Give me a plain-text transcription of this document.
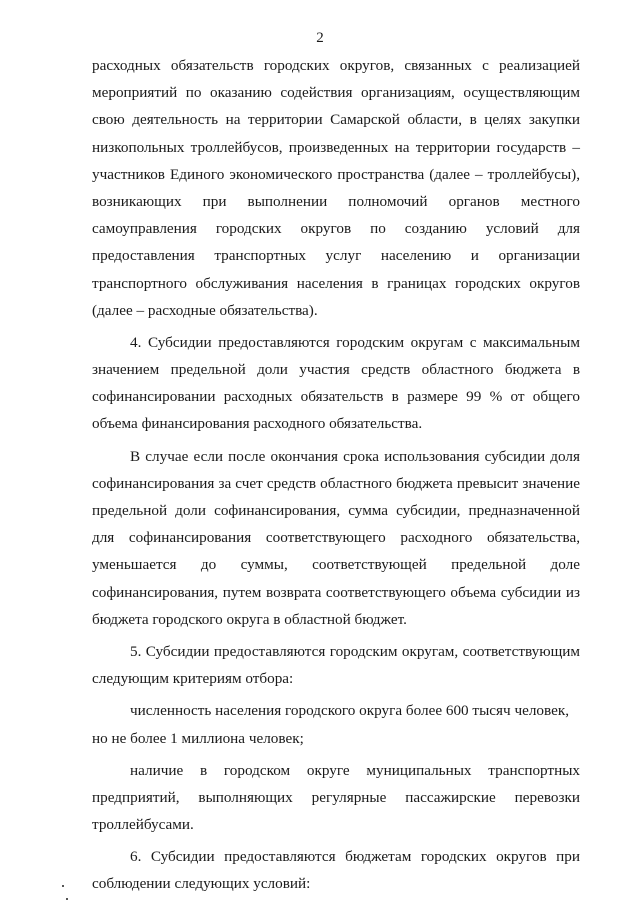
2
расходных обязательств городских округов, связанных с реализацией
мероприятий по оказанию содействия организациям, осуществляющим
свою деятельность на территории Самарской области, в целях закупки
низкопольных троллейбусов, произведенных на территории государств –
участников Единого экономического пространства (далее – троллейбусы),
возникающих при выполнении полномочий органов местного
самоуправления городских округов по созданию условий для
предоставления транспортных услуг населению и организации
транспортного обслуживания населения в границах городских округов
(далее – расходные обязательства).
4. Субсидии предоставляются городским округам с максимальным
значением предельной доли участия средств областного бюджета в
софинансировании расходных обязательств в размере 99 % от общего
объема финансирования расходного обязательства.
В случае если после окончания срока использования субсидии доля
софинансирования за счет средств областного бюджета превысит значение
предельной доли софинансирования, сумма субсидии, предназначенной
для софинансирования соответствующего расходного обязательства,
уменьшается до суммы, соответствующей предельной доле
софинансирования, путем возврата соответствующего объема субсидии из
бюджета городского округа в областной бюджет.
5. Субсидии предоставляются городским округам, соответствующим
следующим критериям отбора:
численность населения городского округа более 600 тысяч человек,
но не более 1 миллиона человек;
наличие в городском округе муниципальных транспортных
предприятий, выполняющих регулярные пассажирские перевозки
троллейбусами.
6. Субсидии предоставляются бюджетам городских округов при
соблюдении следующих условий:
